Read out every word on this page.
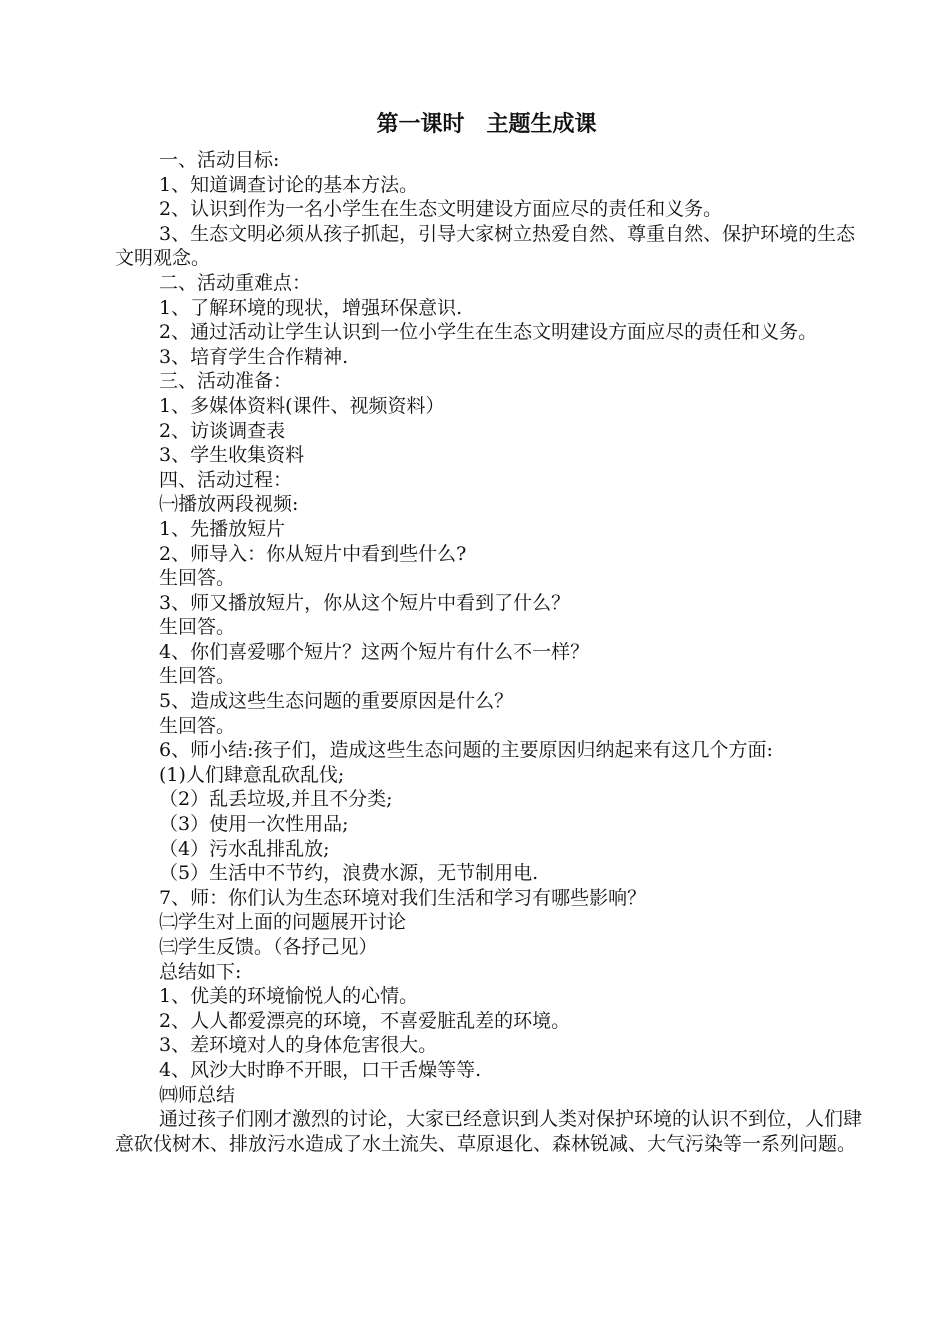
第一课时　主题生成课

一、活动目标:

1、知道调查讨论的基本方法。

2、认识到作为一名小学生在生态文明建设方面应尽的责任和义务。

3、生态文明必须从孩子抓起，引导大家树立热爱自然、尊重自然、保护环境的生态文明观念。

二、活动重难点：

1、了解环境的现状，增强环保意识.

2、通过活动让学生认识到一位小学生在生态文明建设方面应尽的责任和义务。

3、培育学生合作精神.

三、活动准备：

1、多媒体资料(课件、视频资料）

2、访谈调查表

3、学生收集资料

四、活动过程：

㈠播放两段视频:

1、先播放短片

2、师导入：你从短片中看到些什么?

生回答。

3、师又播放短片，你从这个短片中看到了什么？

生回答。

4、你们喜爱哪个短片？这两个短片有什么不一样？

生回答。

5、造成这些生态问题的重要原因是什么？

生回答。

6、师小结:孩子们，造成这些生态问题的主要原因归纳起来有这几个方面:

(1)人们肆意乱砍乱伐;

（2）乱丢垃圾,并且不分类;

（3）使用一次性用品;

（4）污水乱排乱放;

（5）生活中不节约，浪费水源，无节制用电.

7、师：你们认为生态环境对我们生活和学习有哪些影响？

㈡学生对上面的问题展开讨论

㈢学生反馈。（各抒己见）

总结如下:

1、优美的环境愉悦人的心情。

2、人人都爱漂亮的环境，不喜爱脏乱差的环境。

3、差环境对人的身体危害很大。

4、风沙大时睁不开眼，口干舌燥等等.

㈣师总结

通过孩子们刚才激烈的讨论，大家已经意识到人类对保护环境的认识不到位，人们肆意砍伐树木、排放污水造成了水土流失、草原退化、森林锐减、大气污染等一系列问题。
